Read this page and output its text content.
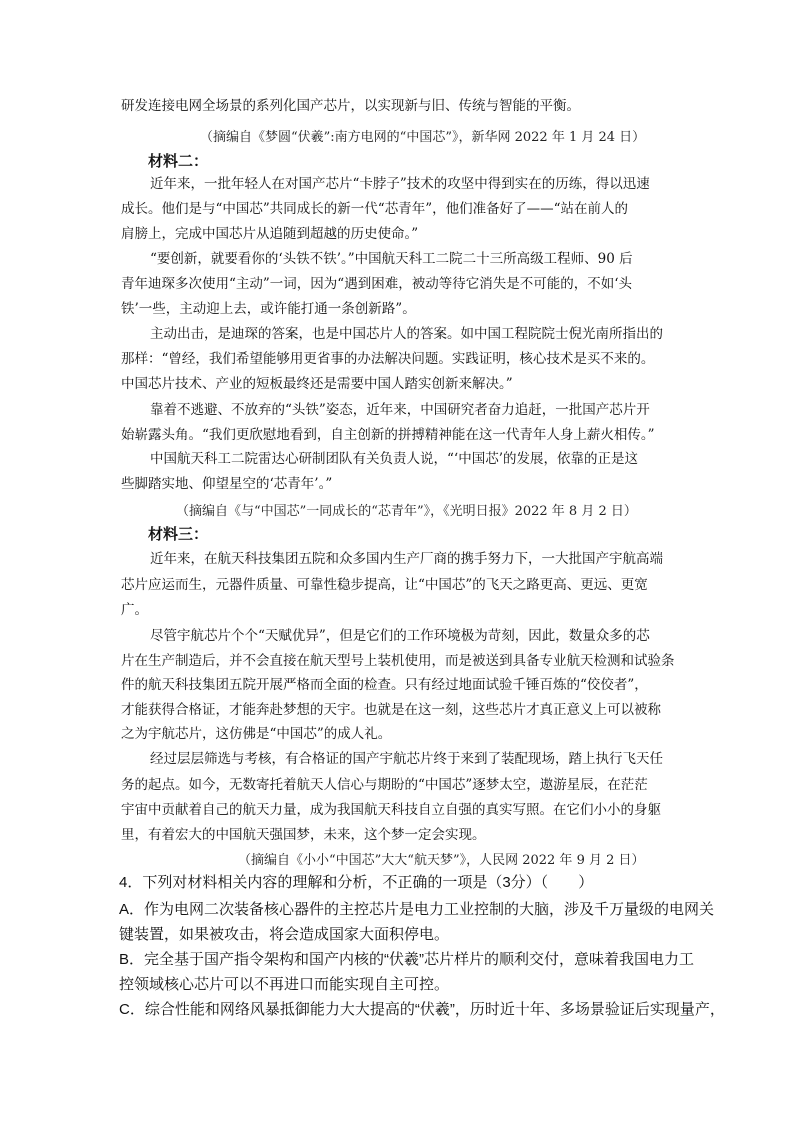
研发连接电网全场景的系列化国产芯片，以实现新与旧、传统与智能的平衡。
（摘编自《梦圆“伏羲”:南方电网的“中国芯”》，新华网 2022 年 1 月 24 日）
材料二：
近年来，一批年轻人在对国产芯片“卡脖子”技术的攻坚中得到实在的历练，得以迅速
成长。他们是与“中国芯”共同成长的新一代“芯青年”，他们准备好了——“站在前人的
肩膀上，完成中国芯片从追随到超越的历史使命。”
“要创新，就要看你的‘头铁不铁’。”中国航天科工二院二十三所高级工程师、90 后
青年迪琛多次使用“主动”一词，因为“遇到困难，被动等待它消失是不可能的，不如‘头
铁’一些，主动迎上去，或许能打通一条创新路”。
主动出击，是迪琛的答案，也是中国芯片人的答案。如中国工程院院士倪光南所指出的
那样：“曾经，我们希望能够用更省事的办法解决问题。实践证明，核心技术是买不来的。
中国芯片技术、产业的短板最终还是需要中国人踏实创新来解决。”
靠着不逃避、不放弃的“头铁”姿态，近年来，中国研究者奋力追赶，一批国产芯片开
始崭露头角。“我们更欣慰地看到，自主创新的拼搏精神能在这一代青年人身上薪火相传。”
中国航天科工二院雷达心研制团队有关负责人说，“‘中国芯’的发展，依靠的正是这
些脚踏实地、仰望星空的‘芯青年’。”
（摘编自《与“中国芯”一同成长的“芯青年”》，《光明日报》2022 年 8 月 2 日）
材料三：
近年来，在航天科技集团五院和众多国内生产厂商的携手努力下，一大批国产宇航高端
芯片应运而生，元器件质量、可靠性稳步提高，让“中国芯”的飞天之路更高、更远、更宽
广。
尽管宇航芯片个个“天赋优异”，但是它们的工作环境极为苛刻，因此，数量众多的芯
片在生产制造后，并不会直接在航天型号上装机使用，而是被送到具备专业航天检测和试验条
件的航天科技集团五院开展严格而全面的检查。只有经过地面试验千锤百炼的“佼佼者”，
才能获得合格证，才能奔赴梦想的天宇。也就是在这一刻，这些芯片才真正意义上可以被称
之为宇航芯片，这仿佛是“中国芯”的成人礼。
经过层层筛选与考核，有合格证的国产宇航芯片终于来到了装配现场，踏上执行飞天任
务的起点。如今，无数寄托着航天人信心与期盼的“中国芯”逐梦太空，遨游星辰，在茫茫
宇宙中贡献着自己的航天力量，成为我国航天科技自立自强的真实写照。在它们小小的身躯
里，有着宏大的中国航天强国梦，未来，这个梦一定会实现。
（摘编自《小小“中国芯”大大“航天梦”》，人民网 2022 年 9 月 2 日）
4．下列对材料相关内容的理解和分析，不正确的一项是（3分）（　　）
A．作为电网二次装备核心器件的主控芯片是电力工业控制的大脑，涉及千万量级的电网关
键装置，如果被攻击，将会造成国家大面积停电。
B．完全基于国产指令架构和国产内核的“伏羲”芯片样片的顺利交付，意味着我国电力工
控领域核心芯片可以不再进口而能实现自主可控。
C．综合性能和网络风暴抵御能力大大提高的“伏羲”，历时近十年、多场景验证后实现量产，
